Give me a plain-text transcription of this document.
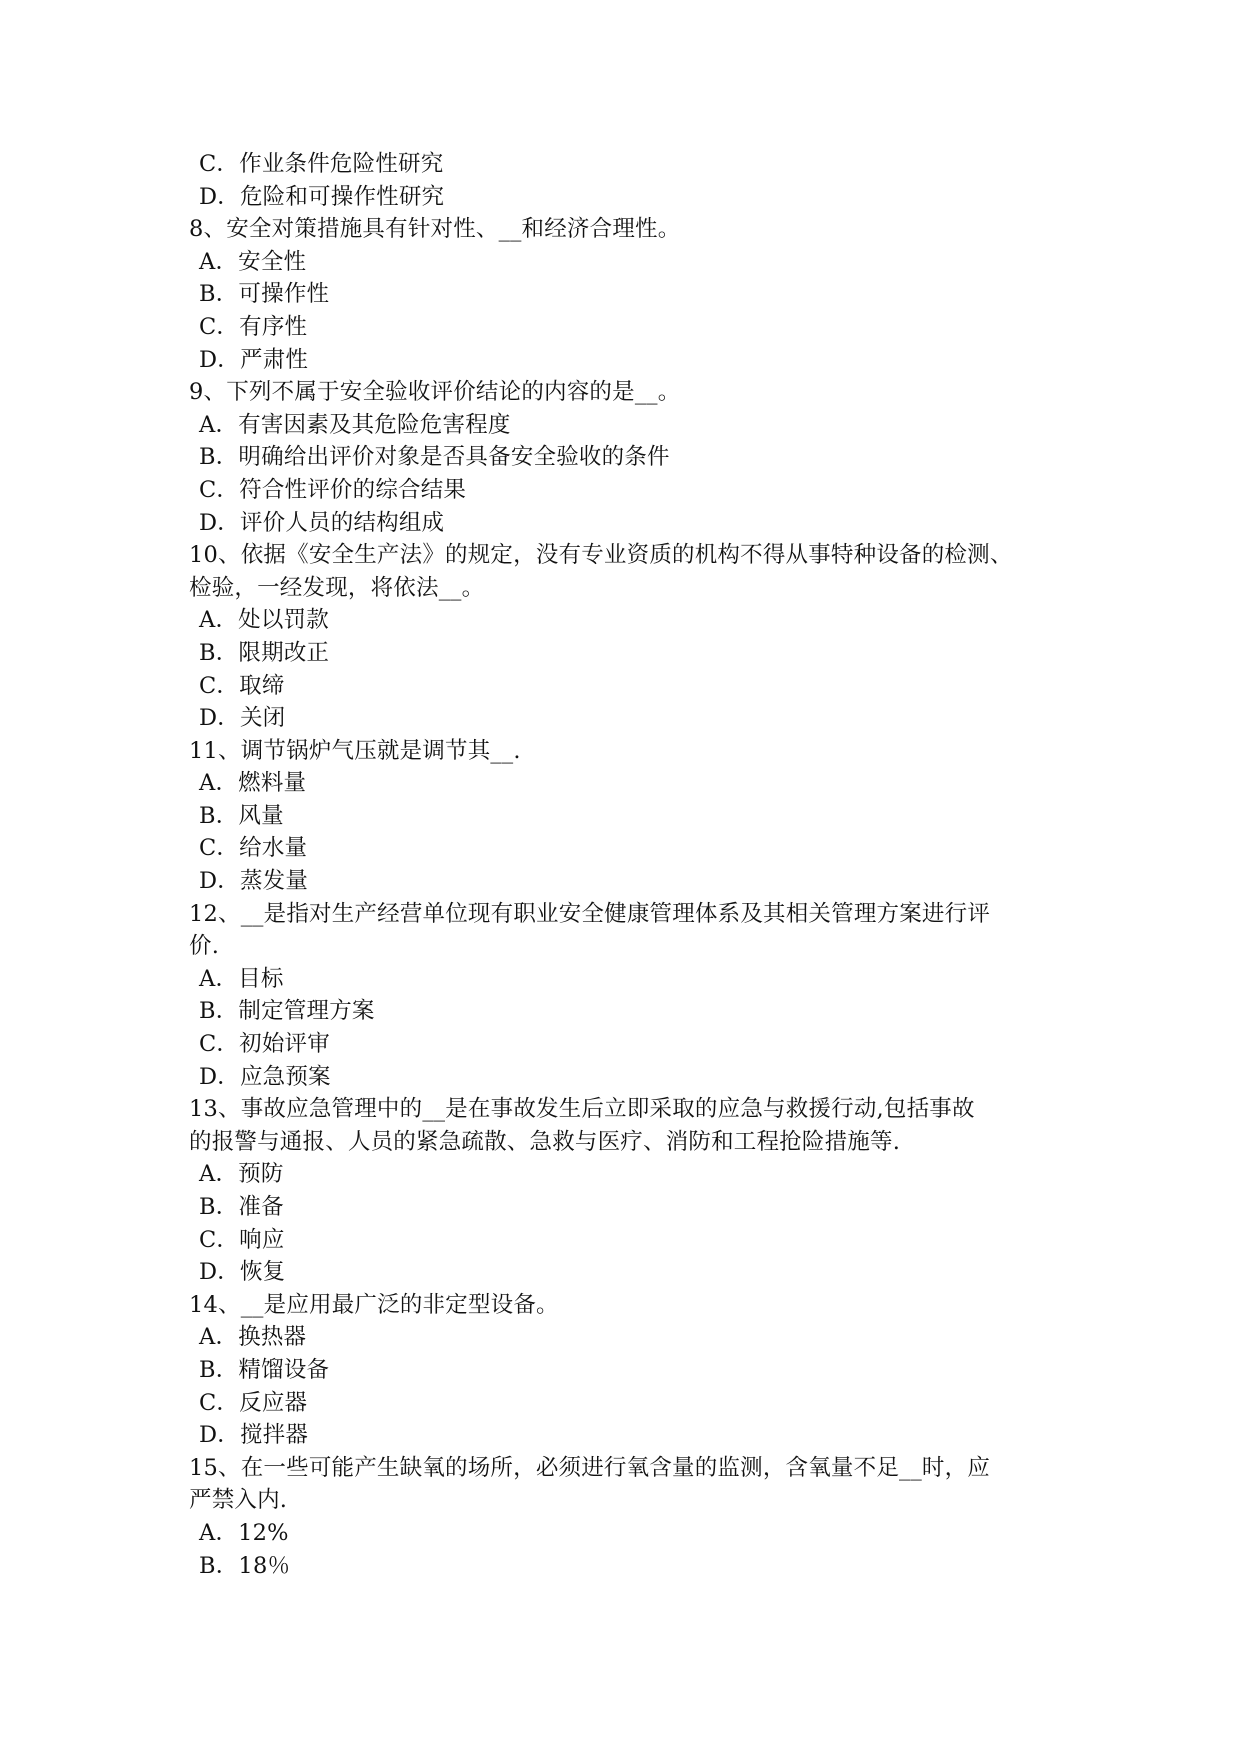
C．作业条件危险性研究
D．危险和可操作性研究
8、安全对策措施具有针对性、__和经济合理性。
A．安全性
B．可操作性
C．有序性
D．严肃性
9、下列不属于安全验收评价结论的内容的是__。
A．有害因素及其危险危害程度
B．明确给出评价对象是否具备安全验收的条件
C．符合性评价的综合结果
D．评价人员的结构组成
10、依据《安全生产法》的规定，没有专业资质的机构不得从事特种设备的检测、
检验，一经发现，将依法__。
A．处以罚款
B．限期改正
C．取缔
D．关闭
11、调节锅炉气压就是调节其__.
A．燃料量
B．风量
C．给水量
D．蒸发量
12、__是指对生产经营单位现有职业安全健康管理体系及其相关管理方案进行评
价.
A．目标
B．制定管理方案
C．初始评审
D．应急预案
13、事故应急管理中的__是在事故发生后立即采取的应急与救援行动,包括事故
的报警与通报、人员的紧急疏散、急救与医疗、消防和工程抢险措施等.
A．预防
B．准备
C．响应
D．恢复
14、__是应用最广泛的非定型设备。
A．换热器
B．精馏设备
C．反应器
D．搅拌器
15、在一些可能产生缺氧的场所，必须进行氧含量的监测，含氧量不足__时，应
严禁入内.
A．12%
B．18％
